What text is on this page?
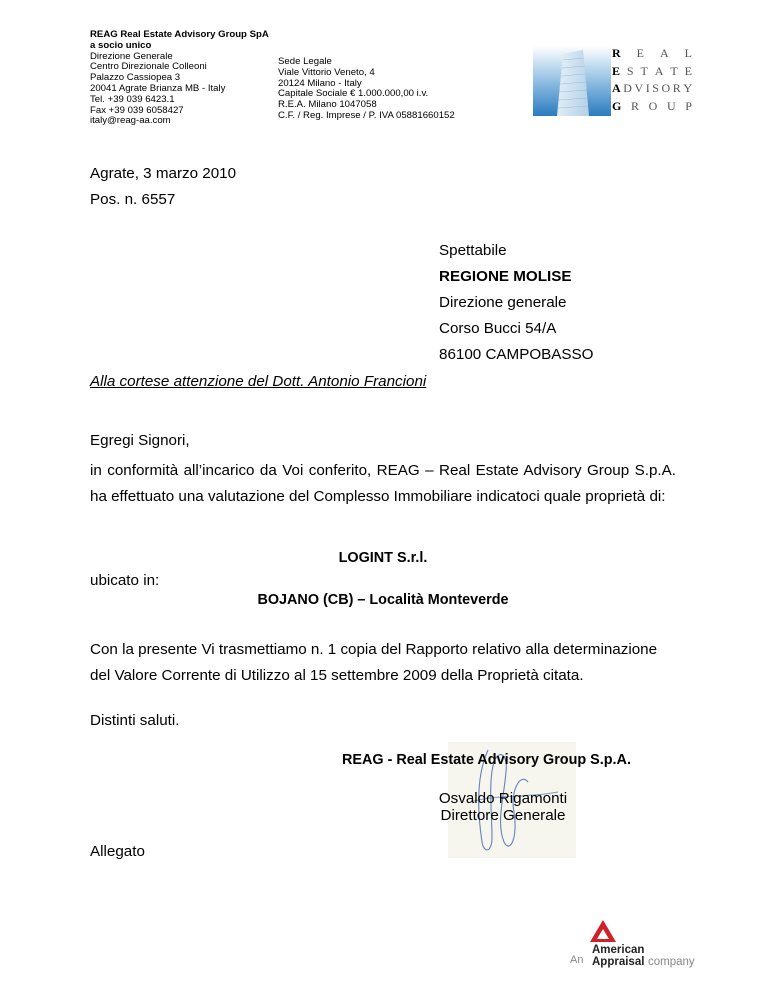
REAG Real Estate Advisory Group SpA
a socio unico
Direzione Generale
Centro Direzionale Colleoni
Palazzo Cassiopea 3
20041 Agrate Brianza MB - Italy
Tel. +39 039 6423.1
Fax +39 039 6058427
italy@reag-aa.com
Sede Legale
Viale Vittorio Veneto, 4
20124 Milano - Italy
Capitale Sociale € 1.000.000,00 i.v.
R.E.A. Milano 1047058
C.F. / Reg. Imprese / P. IVA 05881660152
R E A L
E S T A T E
A D V I S O R Y
G R O U P
Agrate, 3 marzo 2010
Pos. n. 6557
Spettabile
REGIONE MOLISE
Direzione generale
Corso Bucci 54/A
86100 CAMPOBASSO
Alla cortese attenzione del Dott. Antonio Francioni
Egregi Signori,
in conformità all’incarico da Voi conferito, REAG – Real Estate Advisory Group S.p.A. ha effettuato una valutazione del Complesso Immobiliare indicatoci quale proprietà di:
LOGINT S.r.l.
ubicato in:
BOJANO (CB) – Località Monteverde
Con la presente Vi trasmettiamo n. 1 copia del Rapporto relativo alla determinazione
del Valore Corrente di Utilizzo al 15 settembre 2009 della Proprietà citata.
Distinti saluti.
REAG - Real Estate Advisory Group S.p.A.
Osvaldo Rigamonti
Direttore Generale
Allegato
An
American
Appraisal company
